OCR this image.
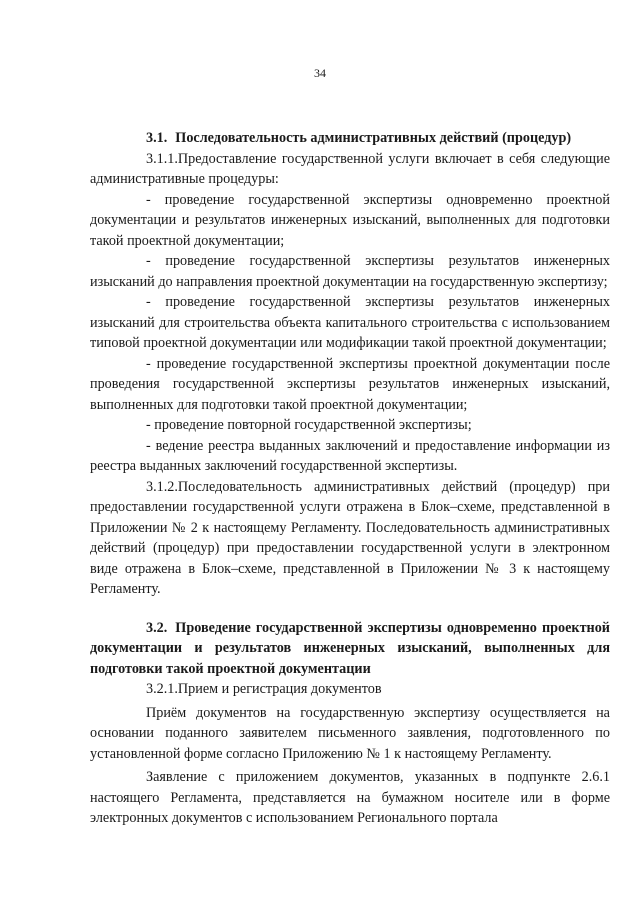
34

3.1. Последовательность административных действий (процедур)

3.1.1.Предоставление государственной услуги включает в себя следующие административные процедуры:

- проведение государственной экспертизы одновременно проектной документации и результатов инженерных изысканий, выполненных для подготовки такой проектной документации;

- проведение государственной экспертизы результатов инженерных изысканий до направления проектной документации на государственную экспертизу;

- проведение государственной экспертизы результатов инженерных изысканий для строительства объекта капитального строительства с использованием типовой проектной документации или модификации такой проектной документации;

- проведение государственной экспертизы проектной документации после проведения государственной экспертизы результатов инженерных изысканий, выполненных для подготовки такой проектной документации;

- проведение повторной государственной экспертизы;

- ведение реестра выданных заключений и предоставление информации из реестра выданных заключений государственной экспертизы.

3.1.2.Последовательность административных действий (процедур) при предоставлении государственной услуги отражена в Блок–схеме, представленной в Приложении № 2 к настоящему Регламенту. Последовательность административных действий (процедур) при предоставлении государственной услуги в электронном виде отражена в Блок–схеме, представленной в Приложении № 3 к настоящему Регламенту.

3.2. Проведение государственной экспертизы одновременно проектной документации и результатов инженерных изысканий, выполненных для подготовки такой проектной документации

3.2.1.Прием и регистрация документов

Приём документов на государственную экспертизу осуществляется на основании поданного заявителем письменного заявления, подготовленного по установленной форме согласно Приложению № 1 к настоящему Регламенту.

Заявление с приложением документов, указанных в подпункте 2.6.1 настоящего Регламента, представляется на бумажном носителе или в форме электронных документов с использованием Регионального портала
